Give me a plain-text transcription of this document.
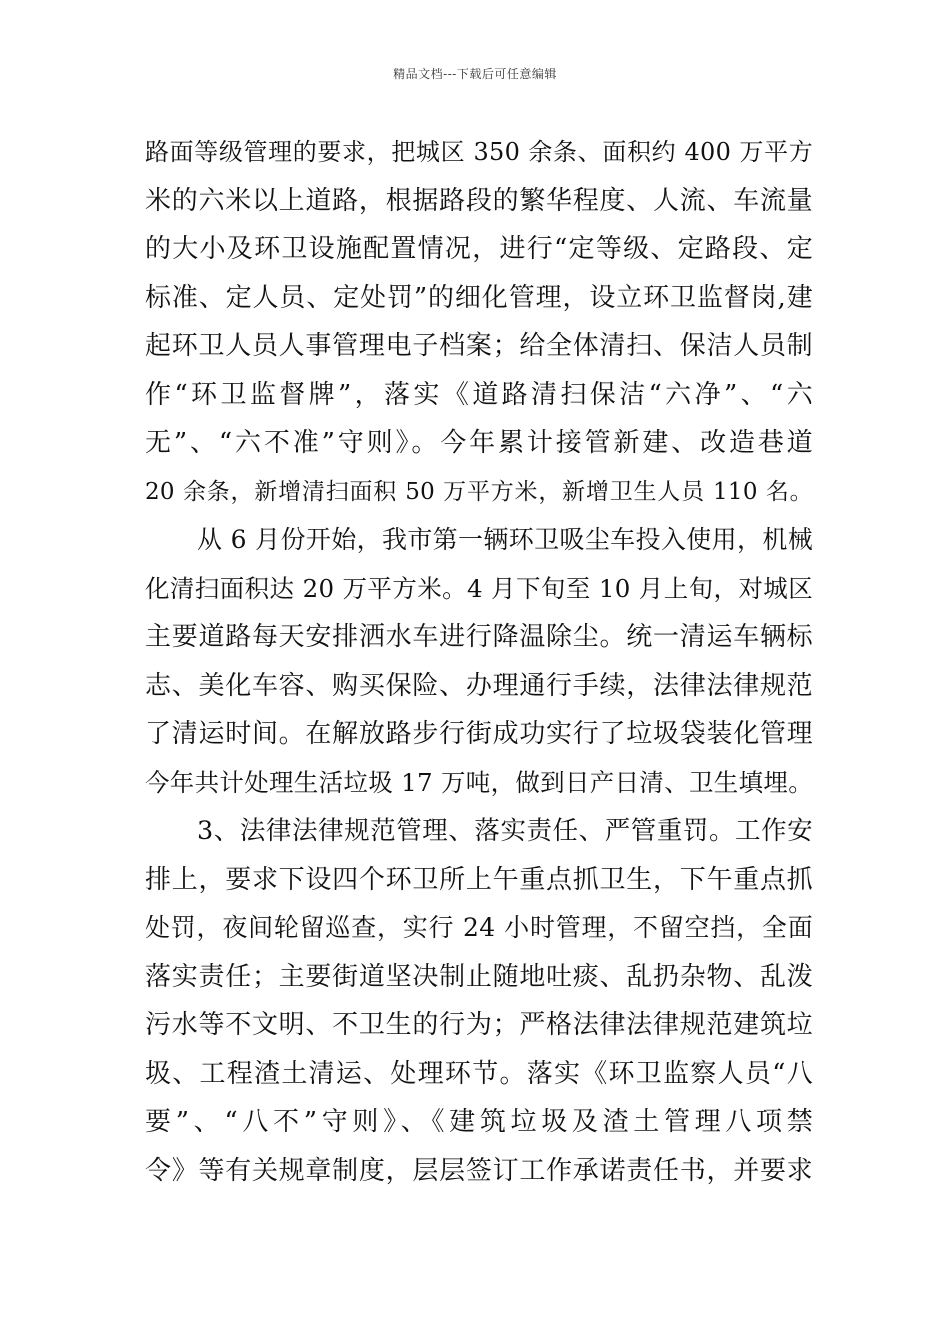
精品文档---下载后可任意编辑
路面等级管理的要求，把城区 350 余条、面积约 400 万平方
米的六米以上道路，根据路段的繁华程度、人流、车流量
的大小及环卫设施配置情况，进行“定等级、定路段、定
标准、定人员、定处罚”的细化管理，设立环卫监督岗,建
起环卫人员人事管理电子档案；给全体清扫、保洁人员制
作“环卫监督牌”，落实《道路清扫保洁“六净”、“六
无”、“六不准”守则》。今年累计接管新建、改造巷道
20 余条，新增清扫面积 50 万平方米，新增卫生人员 110 名。
从 6 月份开始，我市第一辆环卫吸尘车投入使用，机械
化清扫面积达 20 万平方米。4 月下旬至 10 月上旬，对城区
主要道路每天安排洒水车进行降温除尘。统一清运车辆标
志、美化车容、购买保险、办理通行手续，法律法律规范
了清运时间。在解放路步行街成功实行了垃圾袋装化管理
今年共计处理生活垃圾 17 万吨，做到日产日清、卫生填埋。
3、法律法律规范管理、落实责任、严管重罚。工作安
排上，要求下设四个环卫所上午重点抓卫生，下午重点抓
处罚，夜间轮留巡查，实行 24 小时管理，不留空挡，全面
落实责任；主要街道坚决制止随地吐痰、乱扔杂物、乱泼
污水等不文明、不卫生的行为；严格法律法律规范建筑垃
圾、工程渣土清运、处理环节。落实《环卫监察人员“八
要”、“八不”守则》、《建筑垃圾及渣土管理八项禁
令》等有关规章制度，层层签订工作承诺责任书，并要求
